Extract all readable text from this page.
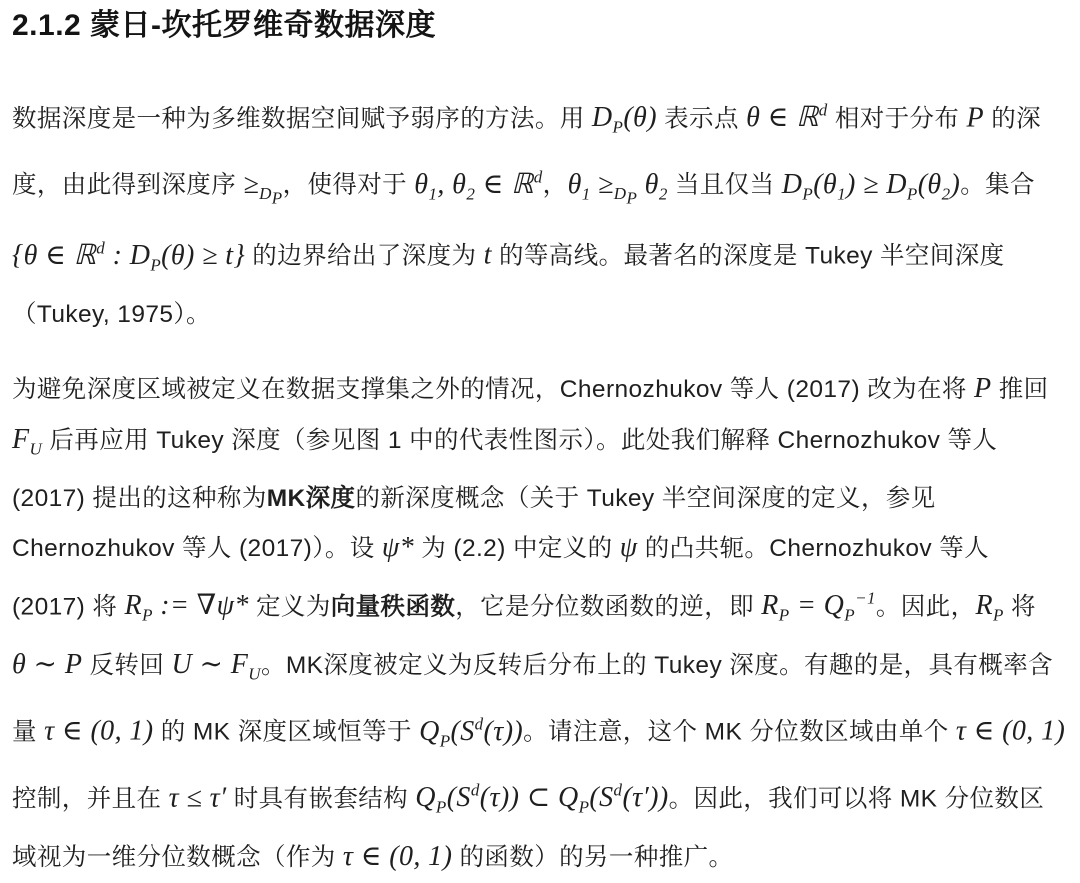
2.1.2 蒙日-坎托罗维奇数据深度

数据深度是一种为多维数据空间赋予弱序的方法。用 $D_P(\theta)$ 表示点 θ ∈ ℝ$^d$ 相对于分布 P 的深度，由此得到深度序 $\ge_{D_P}$，使得对于 $\theta_1$, $\theta_2$ ∈ ℝ$^d$，$\theta_1 \ge_{D_P}$ $\theta_2$ 当且仅当 $D_P(\theta_1) \ge D_P(\theta_2)$。集合 {θ ∈ ℝ$^d$ : $D_P(\theta) \ge t$} 的边界给出了深度为 t 的等高线。最著名的深度是 Tukey 半空间深度（Tukey, 1975）。

为避免深度区域被定义在数据支撑集之外的情况，Chernozhukov 等人 (2017) 改为在将 P 推回 $F_U$ 后再应用 Tukey 深度（参见图 1 中的代表性图示）。此处我们解释 Chernozhukov 等人 (2017) 提出的这种称为MK深度的新深度概念（关于 Tukey 半空间深度的定义，参见 Chernozhukov 等人 (2017)）。设 ψ* 为 (2.2) 中定义的 ψ 的凸共轭。Chernozhukov 等人 (2017) 将 $R_P$ := ∇ψ* 定义为向量秩函数，它是分位数函数的逆，即 $R_P = Q_P^{-1}$。因此，$R_P$ 将 θ ∼ P 反转回 U ∼ $F_U$。MK深度被定义为反转后分布上的 Tukey 深度。有趣的是，具有概率含量 τ ∈ (0, 1) 的 MK 深度区域恒等于 $Q_P(S^d(\tau))$。请注意，这个 MK 分位数区域由单个 τ ∈ (0, 1) 控制，并且在 τ ≤ τ′ 时具有嵌套结构 $Q_P(S^d(\tau))$ ⊂ $Q_P(S^d(\tau'))$。因此，我们可以将 MK 分位数区域视为一维分位数概念（作为 τ ∈ (0, 1) 的函数）的另一种推广。
